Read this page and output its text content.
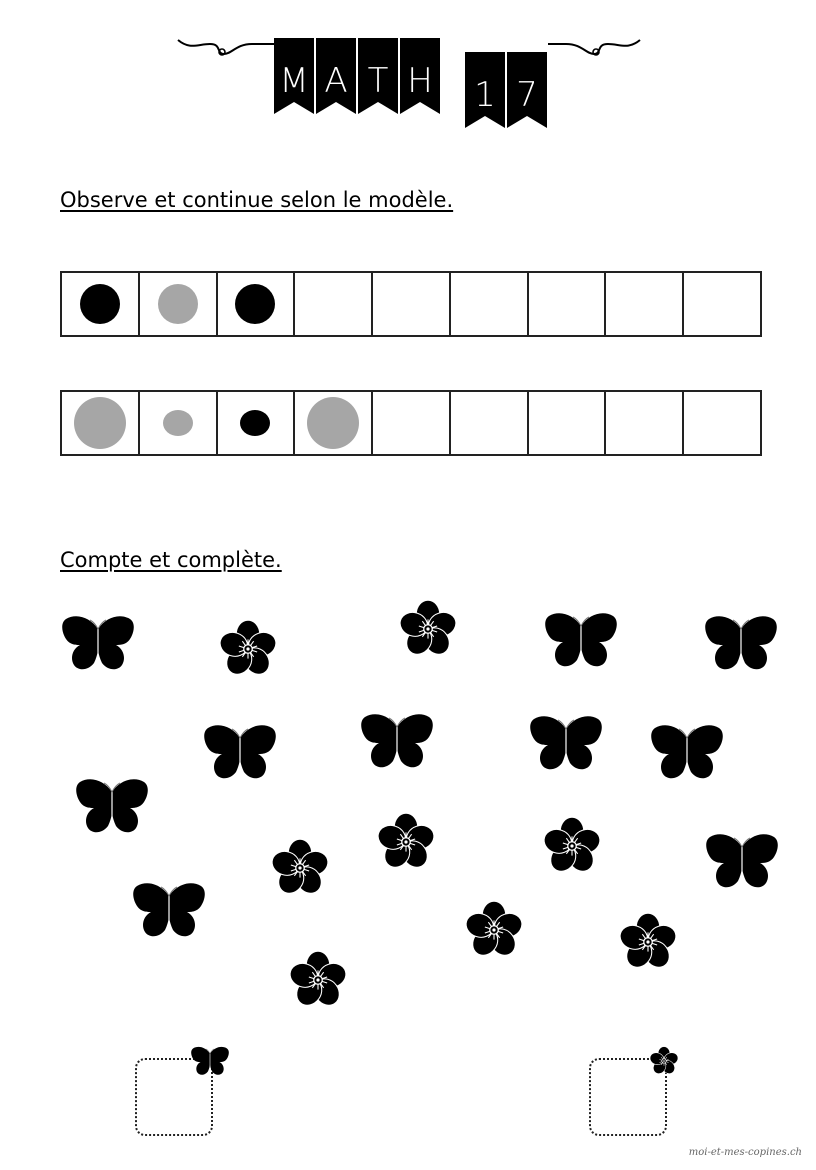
M A T H 1 7
Observe et continue selon le modèle.
Compte et complète.
moi-et-mes-copines.ch
